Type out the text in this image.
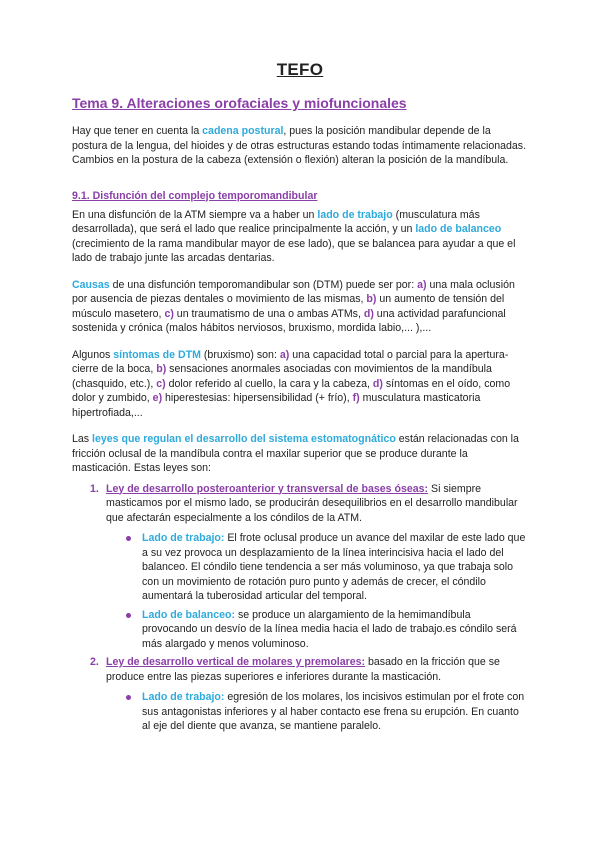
TEFO
Tema 9. Alteraciones orofaciales y miofuncionales

Hay que tener en cuenta la cadena postural, pues la posición mandibular depende de la postura de la lengua, del hioides y de otras estructuras estando todas íntimamente relacionadas. Cambios en la postura de la cabeza (extensión o flexión) alteran la posición de la mandíbula.

9.1. Disfunción del complejo temporomandibular

En una disfunción de la ATM siempre va a haber un lado de trabajo (musculatura más desarrollada), que será el lado que realice principalmente la acción, y un lado de balanceo (crecimiento de la rama mandibular mayor de ese lado), que se balancea para ayudar a que el lado de trabajo junte las arcadas dentarias.

Causas de una disfunción temporomandibular son (DTM) puede ser por: a) una mala oclusión por ausencia de piezas dentales o movimiento de las mismas, b) un aumento de tensión del músculo masetero, c) un traumatismo de una o ambas ATMs, d) una actividad parafuncional sostenida y crónica (malos hábitos nerviosos, bruxismo, mordida labio,... ),...

Algunos síntomas de DTM (bruxismo) son: a) una capacidad total o parcial para la apertura-cierre de la boca, b) sensaciones anormales asociadas con movimientos de la mandíbula (chasquido, etc.), c) dolor referido al cuello, la cara y la cabeza, d) síntomas en el oído, como dolor y zumbido, e) hiperestesias: hipersensibilidad (+ frío), f) musculatura masticatoria hipertrofiada,...

Las leyes que regulan el desarrollo del sistema estomatognático están relacionadas con la fricción oclusal de la mandíbula contra el maxilar superior que se produce durante la masticación. Estas leyes son:

1. Ley de desarrollo posteroanterior y transversal de bases óseas: Si siempre masticamos por el mismo lado, se producirán desequilibrios en el desarrollo mandibular que afectarán especialmente a los cóndilos de la ATM.
Lado de trabajo: El frote oclusal produce un avance del maxilar de este lado que a su vez provoca un desplazamiento de la línea interincisiva hacia el lado del balanceo. El cóndilo tiene tendencia a ser más voluminoso, ya que trabaja solo con un movimiento de rotación puro punto y además de crecer, el cóndilo aumentará la tuberosidad articular del temporal.
Lado de balanceo: se produce un alargamiento de la hemimandíbula provocando un desvío de la línea media hacia el lado de trabajo.es cóndilo será más alargado y menos voluminoso.
2. Ley de desarrollo vertical de molares y premolares: basado en la fricción que se produce entre las piezas superiores e inferiores durante la masticación.
Lado de trabajo: egresión de los molares, los incisivos estimulan por el frote con sus antagonistas inferiores y al haber contacto ese frena su erupción. En cuanto al eje del diente que avanza, se mantiene paralelo.
